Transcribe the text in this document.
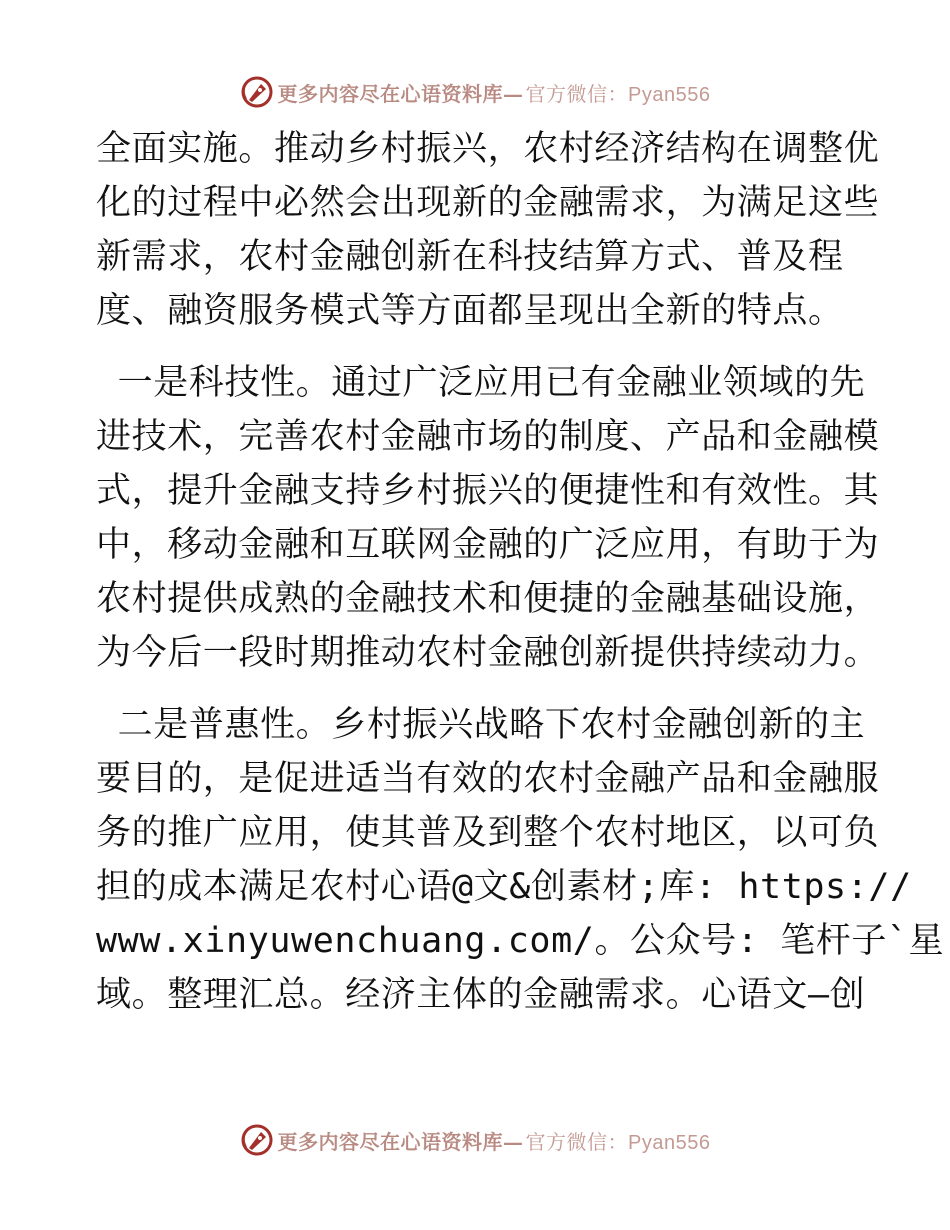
更多内容尽在心语资料库— 官方微信：Pyan556
全面实施。推动乡村振兴，农村经济结构在调整优
化的过程中必然会出现新的金融需求，为满足这些
新需求，农村金融创新在科技结算方式、普及程
度、融资服务模式等方面都呈现出全新的特点。
一是科技性。通过广泛应用已有金融业领域的先
进技术，完善农村金融市场的制度、产品和金融模
式，提升金融支持乡村振兴的便捷性和有效性。其
中，移动金融和互联网金融的广泛应用，有助于为
农村提供成熟的金融技术和便捷的金融基础设施，
为今后一段时期推动农村金融创新提供持续动力。
二是普惠性。乡村振兴战略下农村金融创新的主
要目的，是促进适当有效的农村金融产品和金融服
务的推广应用，使其普及到整个农村地区，以可负
担的成本满足农村心语@文&创素材;库: https://
www.xinyuwenchuang.com/。公众号: 笔杆子`星
域。整理汇总。经济主体的金融需求。心语文—创
更多内容尽在心语资料库— 官方微信：Pyan556
